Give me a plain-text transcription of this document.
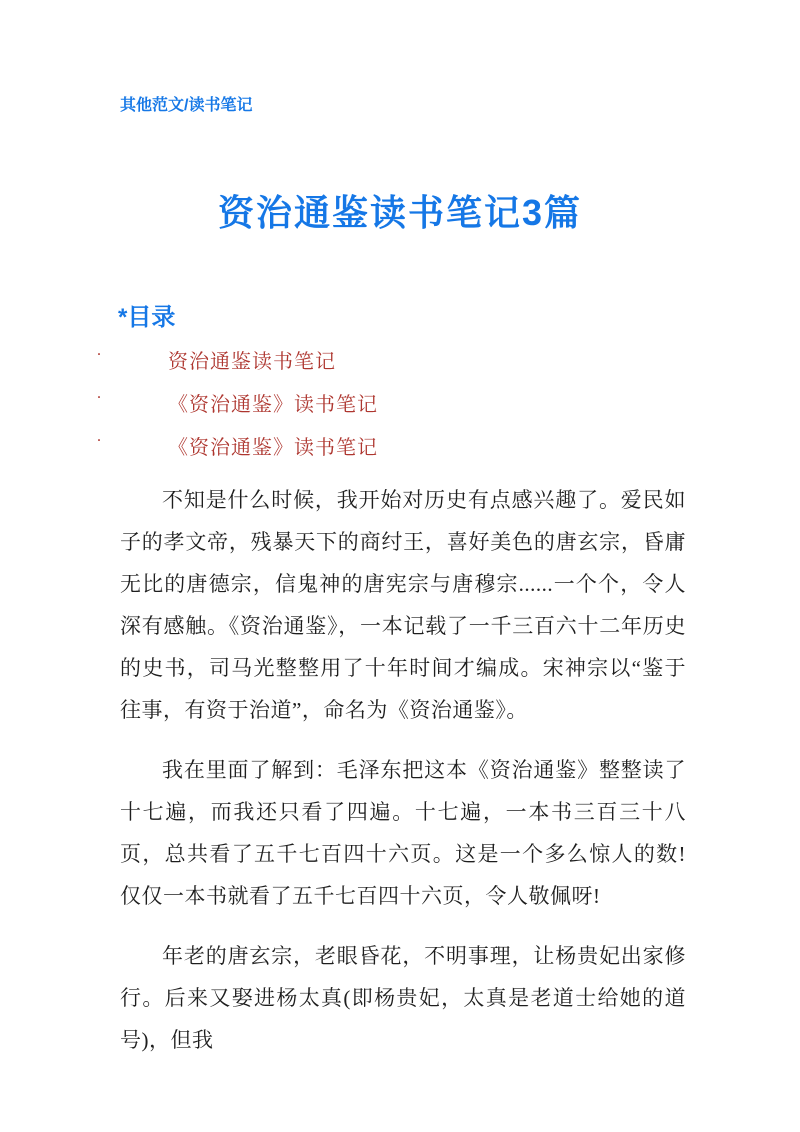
其他范文/读书笔记
资治通鉴读书笔记3篇
*目录
.
资治通鉴读书笔记
.
《资治通鉴》读书笔记
.
《资治通鉴》读书笔记

不知是什么时候，我开始对历史有点感兴趣了。爱民如子的孝文帝，残暴天下的商纣王，喜好美色的唐玄宗，昏庸无比的唐德宗，信鬼神的唐宪宗与唐穆宗......一个个，令人深有感触。《资治通鉴》，一本记载了一千三百六十二年历史的史书，司马光整整用了十年时间才编成。宋神宗以“鉴于往事，有资于治道”，命名为《资治通鉴》。

我在里面了解到：毛泽东把这本《资治通鉴》整整读了十七遍，而我还只看了四遍。十七遍，一本书三百三十八页，总共看了五千七百四十六页。这是一个多么惊人的数!仅仅一本书就看了五千七百四十六页，令人敬佩呀!

年老的唐玄宗，老眼昏花，不明事理，让杨贵妃出家修行。后来又娶进杨太真(即杨贵妃，太真是老道士给她的道号)，但我
